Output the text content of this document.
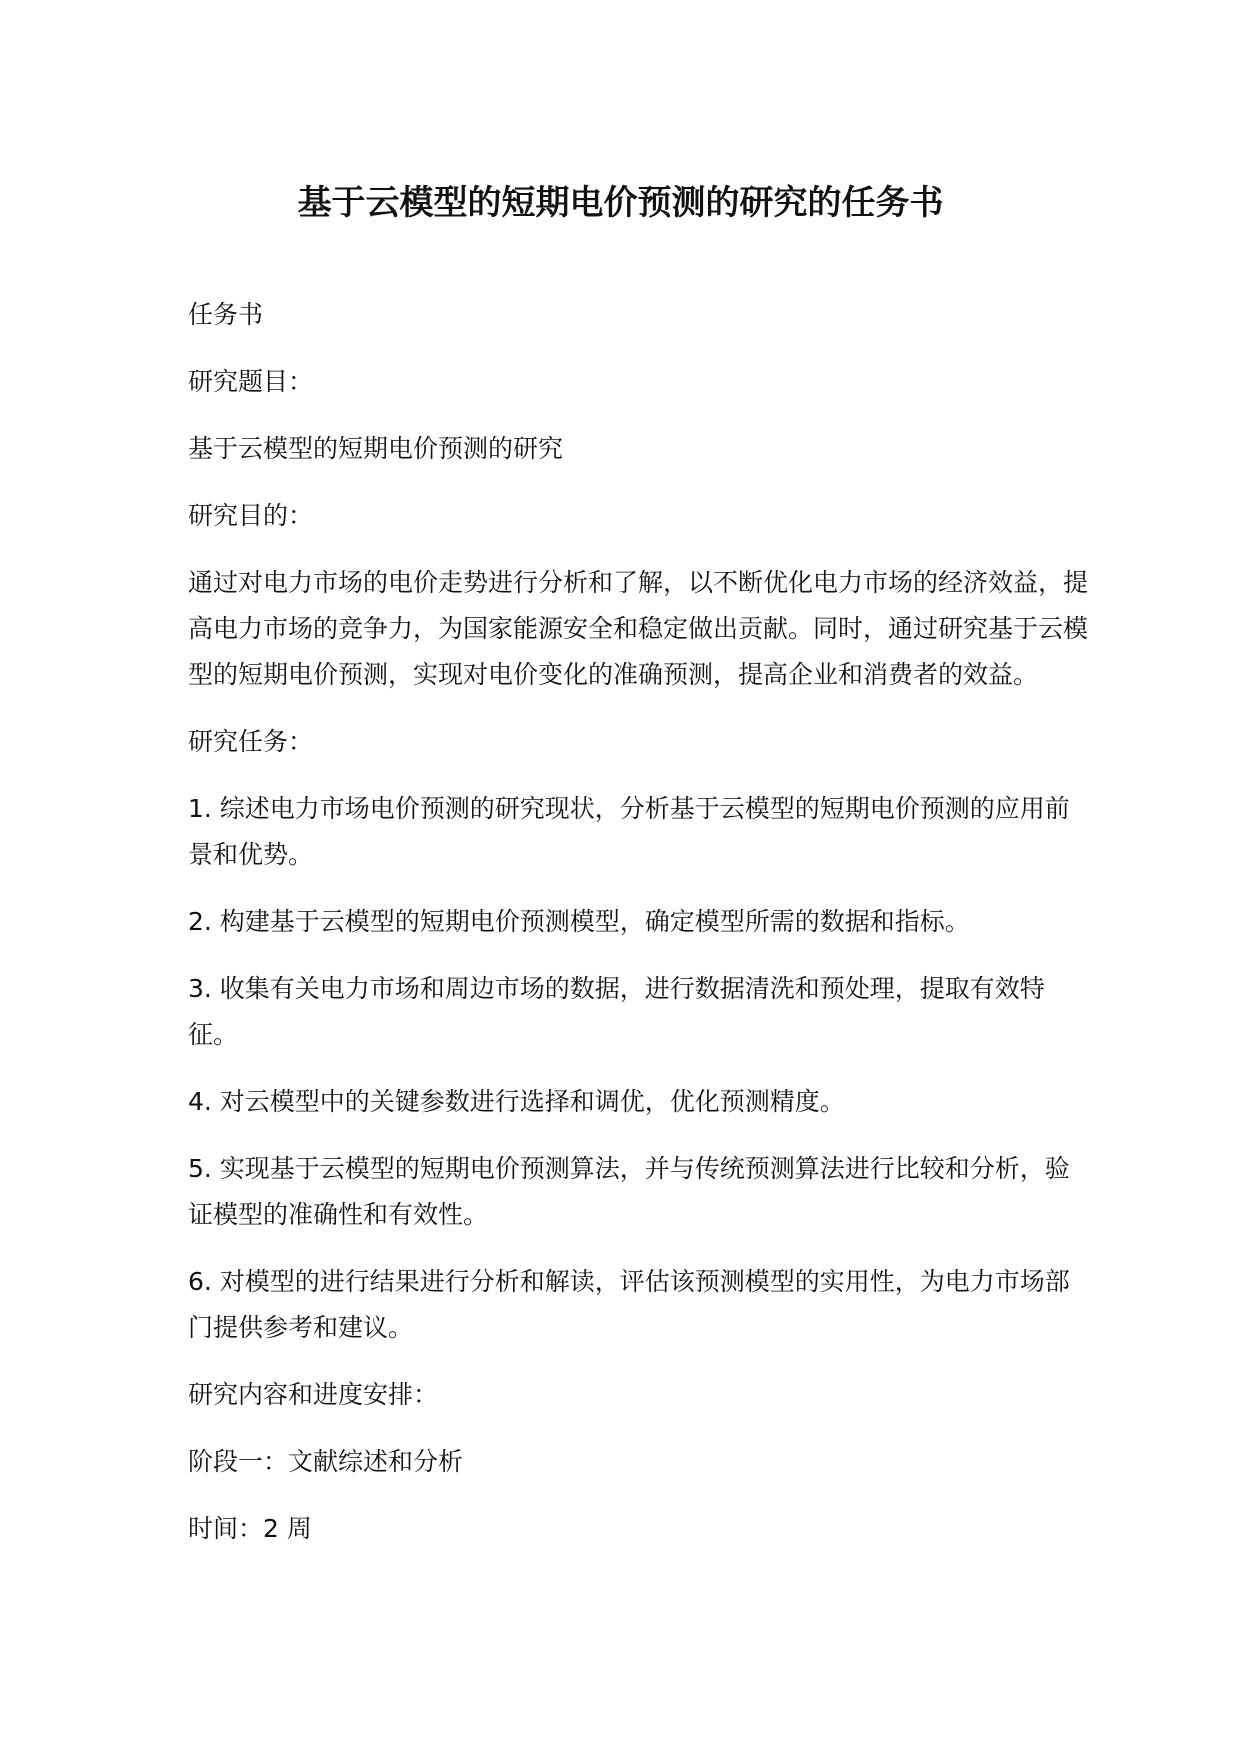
基于云模型的短期电价预测的研究的任务书

任务书

研究题目：

基于云模型的短期电价预测的研究

研究目的：

通过对电力市场的电价走势进行分析和了解，以不断优化电力市场的经济效益，提高电力市场的竞争力，为国家能源安全和稳定做出贡献。同时，通过研究基于云模型的短期电价预测，实现对电价变化的准确预测，提高企业和消费者的效益。

研究任务：

1. 综述电力市场电价预测的研究现状，分析基于云模型的短期电价预测的应用前景和优势。

2. 构建基于云模型的短期电价预测模型，确定模型所需的数据和指标。

3. 收集有关电力市场和周边市场的数据，进行数据清洗和预处理，提取有效特征。

4. 对云模型中的关键参数进行选择和调优，优化预测精度。

5. 实现基于云模型的短期电价预测算法，并与传统预测算法进行比较和分析，验证模型的准确性和有效性。

6. 对模型的进行结果进行分析和解读，评估该预测模型的实用性，为电力市场部门提供参考和建议。

研究内容和进度安排：

阶段一：文献综述和分析

时间：2 周
